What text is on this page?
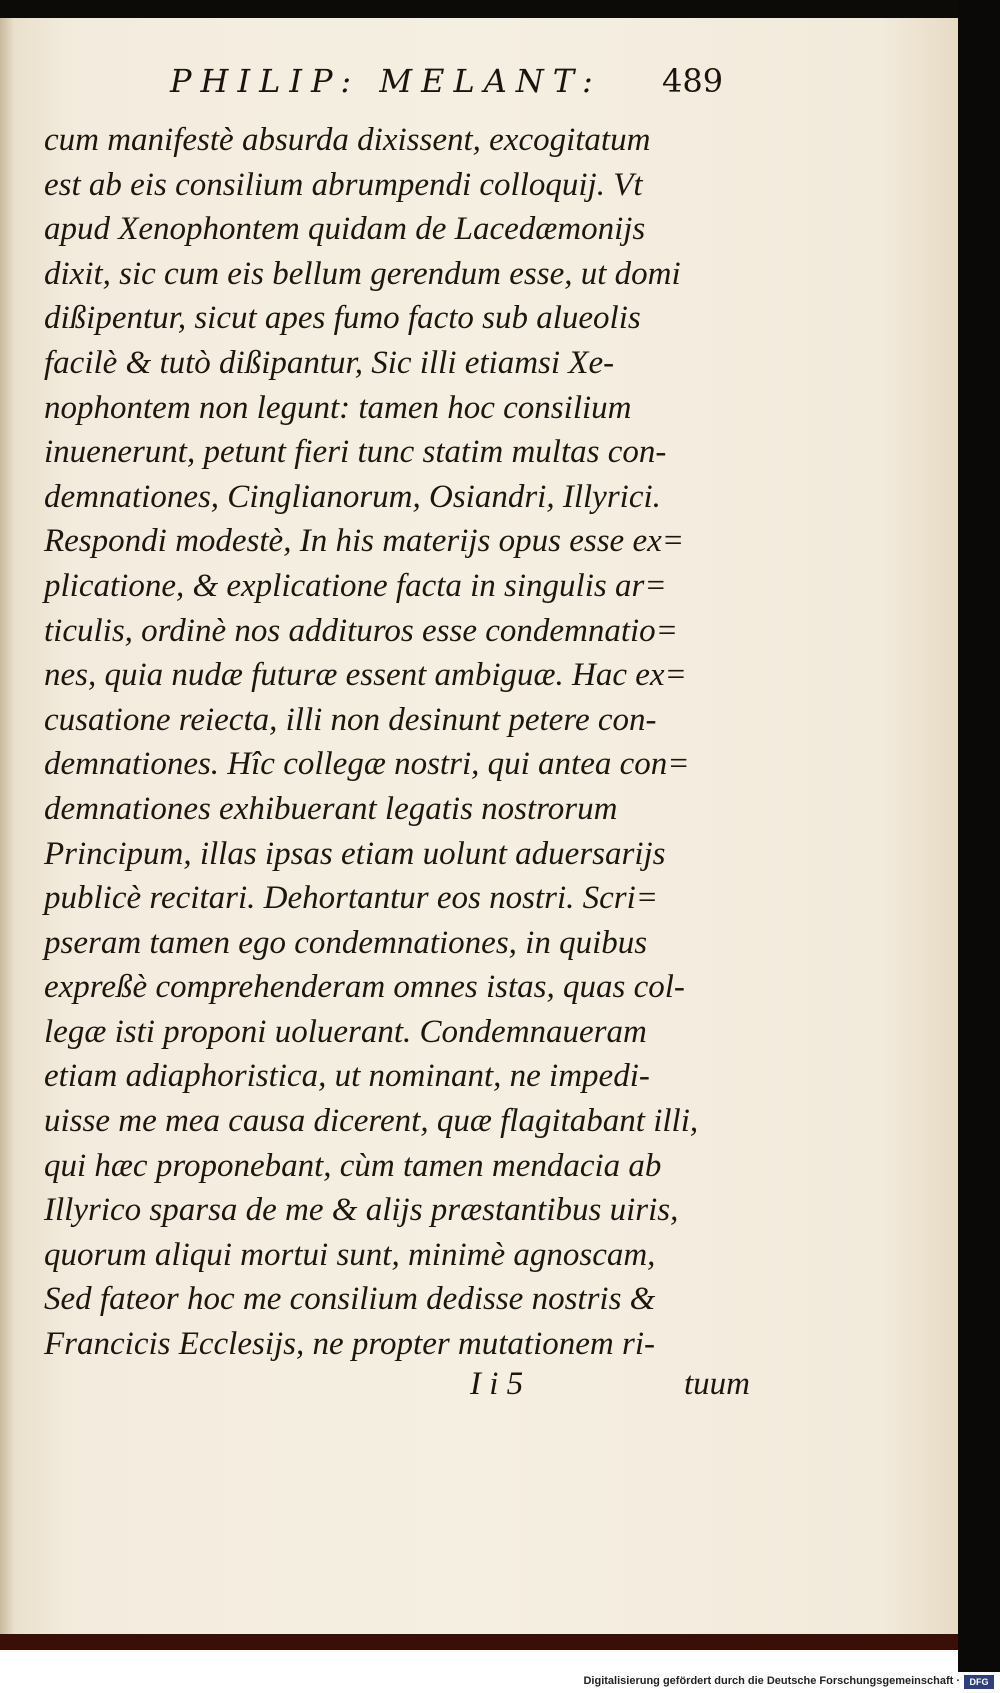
PHILIP: MELANT:	489
cum manifestè absurda dixissent, excogitatum
est ab eis consilium abrumpendi colloquij. Vt
apud Xenophontem quidam de Lacedæmonijs
dixit, sic cum eis bellum gerendum esse, ut domi
dißipentur, sicut apes fumo facto sub alueolis
facilè & tutò dißipantur, Sic illi etiamsi Xe-
nophontem non legunt: tamen hoc consilium
inuenerunt, petunt fieri tunc statim multas con-
demnationes, Cinglianorum, Osiandri, Illyrici.
Respondi modestè, In his materijs opus esse ex=
plicatione, & explicatione facta in singulis ar=
ticulis, ordinè nos addituros esse condemnatio=
nes, quia nudæ futuræ essent ambiguæ. Hac ex=
cusatione reiecta, illi non desinunt petere con-
demnationes. Hîc collegæ nostri, qui antea con=
demnationes exhibuerant legatis nostrorum
Principum, illas ipsas etiam uolunt aduersarijs
publicè recitari. Dehortantur eos nostri. Scri=
pseram tamen ego condemnationes, in quibus
expreßè comprehenderam omnes istas, quas col-
legæ isti proponi uoluerant. Condemnaueram
etiam adiaphoristica, ut nominant, ne impedi-
uisse me mea causa dicerent, quæ flagitabant illi,
qui hæc proponebant, cùm tamen mendacia ab
Illyrico sparsa de me & alijs præstantibus uiris,
quorum aliqui mortui sunt, minimè agnoscam,
Sed fateor hoc me consilium dedisse nostris &
Francicis Ecclesijs, ne propter mutationem ri-
I i 5	tuum
Digitalisierung gefördert durch die Deutsche Forschungsgemeinschaft ·	DFG
